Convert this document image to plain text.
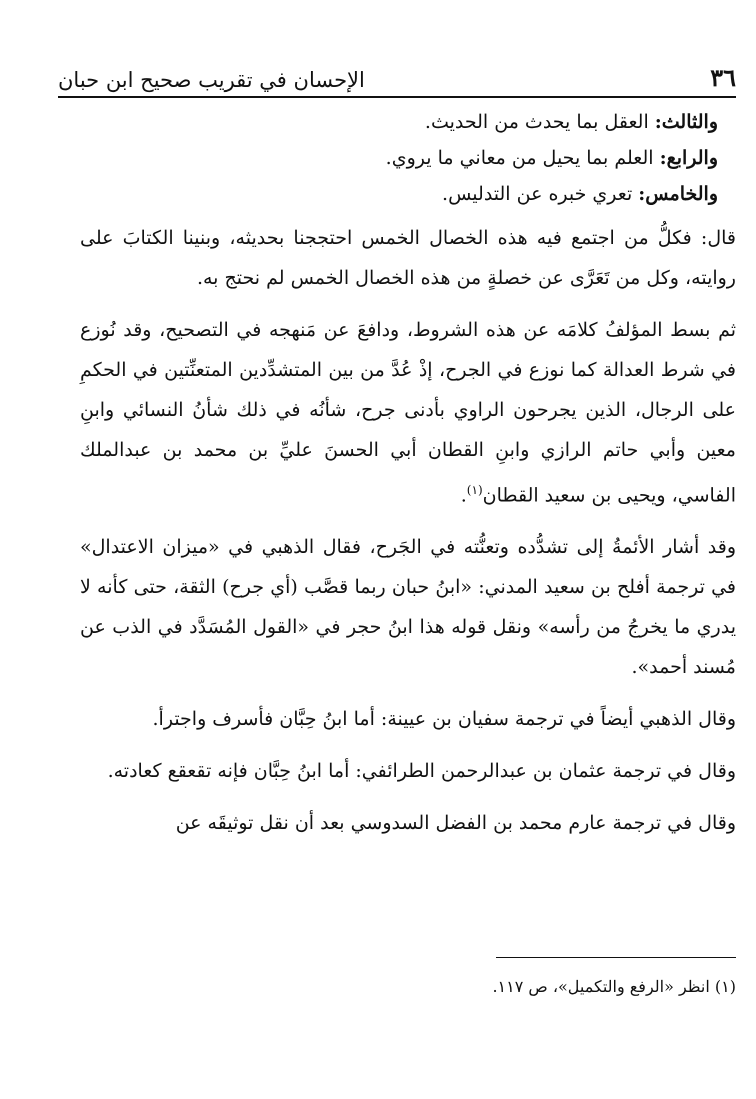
٣٦
الإحسان في تقريب صحيح ابن حبان

والثالث: العقل بما يحدث من الحديث.

والرابع: العلم بما يحيل من معاني ما يروي.

والخامس: تعري خبره عن التدليس.

قال: فكلُّ من اجتمع فيه هذه الخصال الخمس احتججنا بحديثه، وبنينا الكتابَ على روايته، وكل من تَعَرَّى عن خصلةٍ من هذه الخصال الخمس لم نحتج به.

ثم بسط المؤلفُ كلامَه عن هذه الشروط، ودافعَ عن مَنهجه في التصحيح، وقد نُوزع في شرط العدالة كما نوزع في الجرح، إذْ عُدَّ من بين المتشدِّدين المتعنِّتين في الحكمِ على الرجال، الذين يجرحون الراوي بأدنى جرح، شأنُه في ذلك شأنُ النسائي وابنِ معين وأبي حاتم الرازي وابنِ القطان أبي الحسنَ عليِّ بن محمد بن عبدالملك الفاسي، ويحيى بن سعيد القطان$^{(١)}$.

وقد أشار الأئمةُ إلى تشدُّده وتعنُّته في الجَرح، فقال الذهبي في «ميزان الاعتدال» في ترجمة أفلح بن سعيد المدني: «ابنُ حبان ربما قصَّب (أي جرح) الثقة، حتى كأنه لا يدري ما يخرجُ من رأسه» ونقل قوله هذا ابنُ حجر في «القول المُسَدَّد في الذب عن مُسند أحمد».

وقال الذهبي أيضاً في ترجمة سفيان بن عيينة: أما ابنُ حِبَّان فأسرف واجترأ.

وقال في ترجمة عثمان بن عبدالرحمن الطرائفي: أما ابنُ حِبَّان فإنه تقعقع كعادته.

وقال في ترجمة عارم محمد بن الفضل السدوسي بعد أن نقل توثيقَه عن

(١) انظر «الرفع والتكميل»، ص ١١٧.
